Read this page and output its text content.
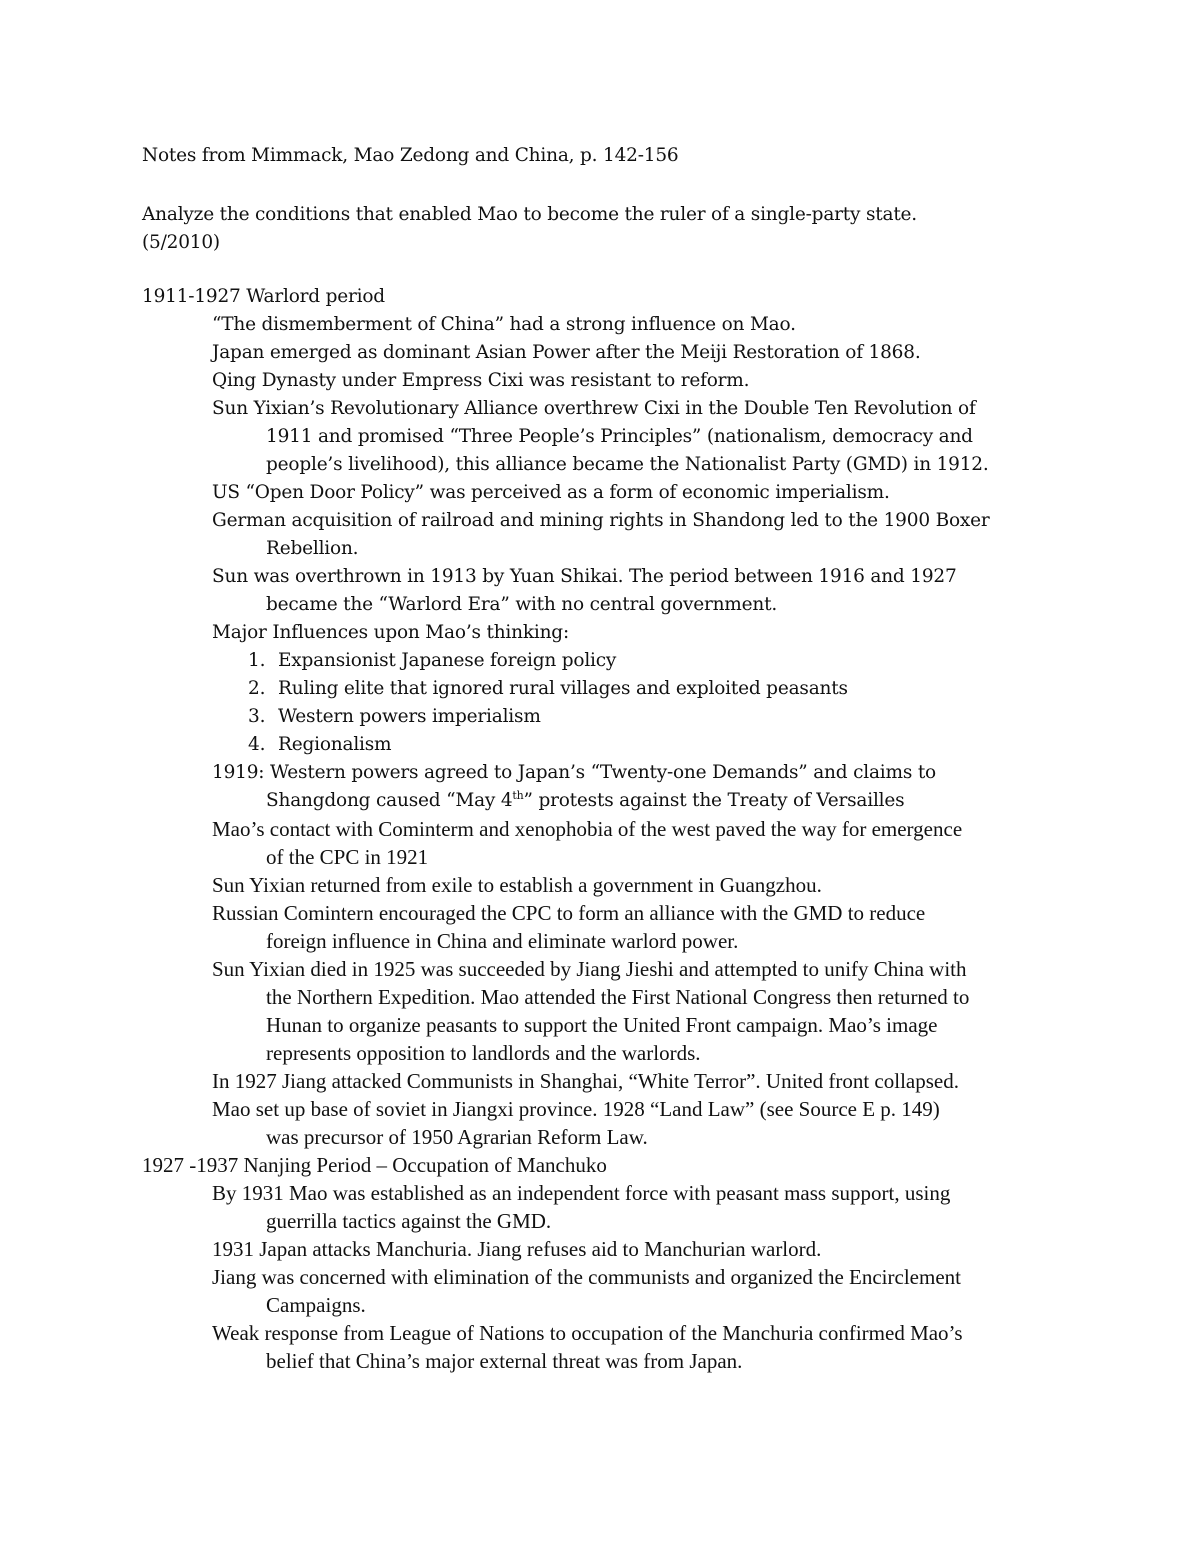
Notes from Mimmack, Mao Zedong and China, p. 142-156

Analyze the conditions that enabled Mao to become the ruler of a single-party state.

(5/2010)

1911-1927 Warlord period

“The dismemberment of China” had a strong influence on Mao.

Japan emerged as dominant Asian Power after the Meiji Restoration of 1868.

Qing Dynasty under Empress Cixi was resistant to reform.

Sun Yixian’s Revolutionary Alliance overthrew Cixi in the Double Ten Revolution of

1911 and promised “Three People’s Principles” (nationalism, democracy and

people’s livelihood), this alliance became the Nationalist Party (GMD) in 1912.

US “Open Door Policy” was perceived as a form of economic imperialism.

German acquisition of railroad and mining rights in Shandong led to the 1900 Boxer

Rebellion.

Sun was overthrown in 1913 by Yuan Shikai. The period between 1916 and 1927

became the “Warlord Era” with no central government.

Major Influences upon Mao’s thinking:

1. Expansionist Japanese foreign policy

2. Ruling elite that ignored rural villages and exploited peasants

3. Western powers imperialism

4. Regionalism

1919: Western powers agreed to Japan’s “Twenty-one Demands” and claims to

Shangdong caused “May 4th” protests against the Treaty of Versailles

Mao’s contact with Cominterm and xenophobia of the west paved the way for emergence

of the CPC in 1921

Sun Yixian returned from exile to establish a government in Guangzhou.

Russian Comintern encouraged the CPC to form an alliance with the GMD to reduce

foreign influence in China and eliminate warlord power.

Sun Yixian died in 1925 was succeeded by Jiang Jieshi and attempted to unify China with

the Northern Expedition. Mao attended the First National Congress then returned to

Hunan to organize peasants to support the United Front campaign. Mao’s image

represents opposition to landlords and the warlords.

In 1927 Jiang attacked Communists in Shanghai, “White Terror”. United front collapsed.

Mao set up base of soviet in Jiangxi province. 1928 “Land Law” (see Source E p. 149)

was precursor of 1950 Agrarian Reform Law.

1927 -1937 Nanjing Period – Occupation of Manchuko

By 1931 Mao was established as an independent force with peasant mass support, using

guerrilla tactics against the GMD.

1931 Japan attacks Manchuria. Jiang refuses aid to Manchurian warlord.

Jiang was concerned with elimination of the communists and organized the Encirclement

Campaigns.

Weak response from League of Nations to occupation of the Manchuria confirmed Mao’s

belief that China’s major external threat was from Japan.
